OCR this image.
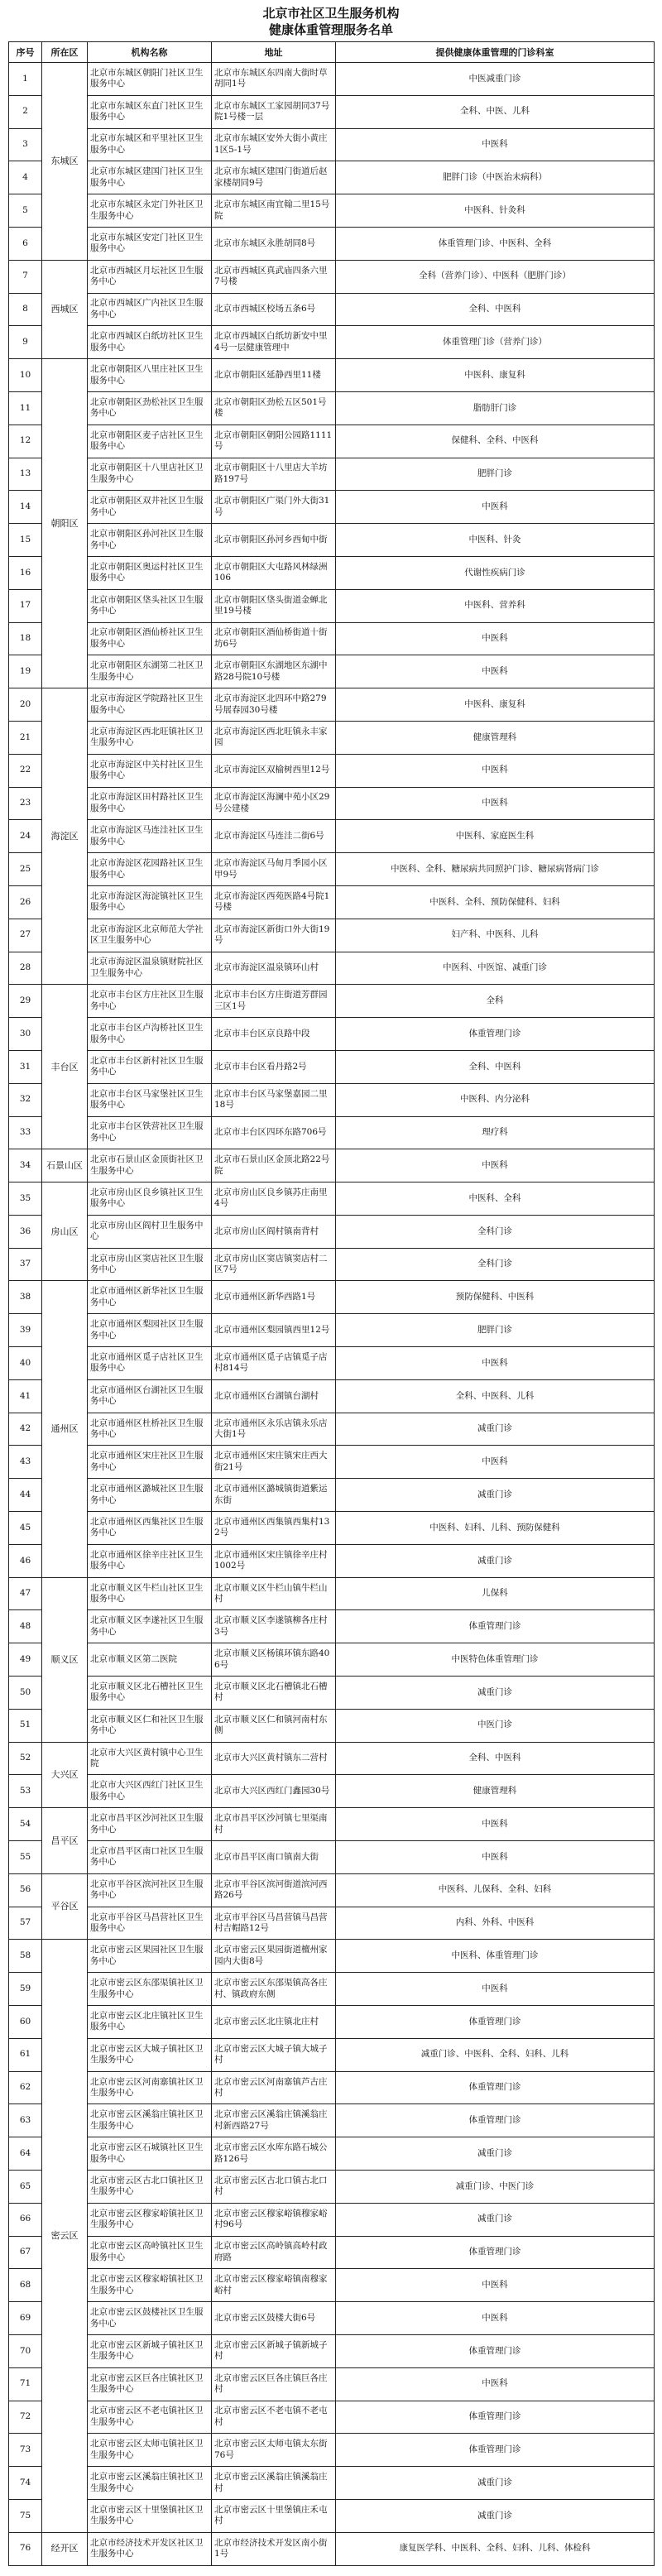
北京市社区卫生服务机构

健康体重管理服务名单

序号	所在区	机构名称	地址	提供健康体重管理的门诊科室
1	东城区	北京市东城区朝阳门社区卫生服务中心	北京市东城区东四南大街时草胡同1号	中医减重门诊
2		北京市东城区东直门社区卫生服务中心	北京市东城区工家园胡同37号院1号楼一层	全科、中医、儿科
3		北京市东城区和平里社区卫生服务中心	北京市东城区安外大街小黄庄1区5-1号	中医科
4		北京市东城区建国门社区卫生服务中心	北京市东城区建国门街道后赵家楼胡同9号	肥胖门诊（中医治未病科）
5		北京市东城区永定门外社区卫生服务中心	北京市东城区南宜翰二里15号院	中医科、针灸科
6		北京市东城区安定门社区卫生服务中心	北京市东城区永胜胡同8号	体重管理门诊、中医科、全科
7	西城区	北京市西城区月坛社区卫生服务中心	北京市西城区真武庙四条六里7号楼	全科（营养门诊）、中医科（肥胖门诊）
8		北京市西城区广内社区卫生服务中心	北京市西城区校场五条6号	全科、中医科
9		北京市西城区白纸坊社区卫生服务中心	北京市西城区白纸坊新安中里4号一层健康管理中	体重管理门诊（营养门诊）
10	朝阳区	北京市朝阳区八里庄社区卫生服务中心	北京市朝阳区延静西里11楼	中医科、康复科
11		北京市朝阳区劲松社区卫生服务中心	北京市朝阳区劲松五区501号楼	脂肪肝门诊
12		北京市朝阳区麦子店社区卫生服务中心	北京市朝阳区朝阳公园路1111号	保健科、全科、中医科
13		北京市朝阳区十八里店社区卫生服务中心	北京市朝阳区十八里店大羊坊路197号	肥胖门诊
14		北京市朝阳区双井社区卫生服务中心	北京市朝阳区广渠门外大街31号	中医科
15		北京市朝阳区孙河社区卫生服务中心	北京市朝阳区孙河乡西甸中街	中医科、针灸
16		北京市朝阳区奥运村社区卫生服务中心	北京市朝阳区大屯路风林绿洲106	代谢性疾病门诊
17		北京市朝阳区垡头社区卫生服务中心	北京市朝阳区垡头街道金蝉北里19号楼	中医科、营养科
18		北京市朝阳区酒仙桥社区卫生服务中心	北京市朝阳区酒仙桥街道十街坊6号	中医科
19		北京市朝阳区东湖第二社区卫生服务中心	北京市朝阳区东湖地区东湖中路28号院10号楼	中医科
20	海淀区	北京市海淀区学院路社区卫生服务中心	北京市海淀区北四环中路279号展春园30号楼	中医科、康复科
21		北京市海淀区西北旺镇社区卫生服务中心	北京市海淀区西北旺镇永丰家园	健康管理科
22		北京市海淀区中关村社区卫生服务中心	北京市海淀区双榆树西里12号	中医科
23		北京市海淀区田村路社区卫生服务中心	北京市海淀区海澜中苑小区29号公建楼	中医科
24		北京市海淀区马连洼社区卫生服务中心	北京市海淀区马连洼二街6号	中医科、家庭医生科
25		北京市海淀区花园路社区卫生服务中心	北京市海淀区马甸月季园小区甲9号	中医科、全科、糖尿病共同照护门诊、糖尿病肾病门诊
26		北京市海淀区海淀镇社区卫生服务中心	北京市海淀区西苑医路4号院1号楼	中医科、全科、预防保健科、妇科
27		北京市海淀区北京师范大学社区卫生服务中心	北京市海淀区新街口外大街19号	妇产科、中医科、儿科
28		北京市海淀区温泉镇财院社区卫生服务中心	北京市海淀区温泉镇环山村	中医科、中医馆、减重门诊
29	丰台区	北京市丰台区方庄社区卫生服务中心	北京市丰台区方庄街道芳群园三区1号	全科
30		北京市丰台区卢沟桥社区卫生服务中心	北京市丰台区京良路中段	体重管理门诊
31		北京市丰台区新村社区卫生服务中心	北京市丰台区看丹路2号	全科、中医科
32		北京市丰台区马家堡社区卫生服务中心	北京市丰台区马家堡嘉园二里18号	中医科、内分泌科
33		北京市丰台区铁营社区卫生服务中心	北京市丰台区四环东路706号	理疗科
34	石景山区	北京市石景山区金顶街社区卫生服务中心	北京市石景山区金顶北路22号院	中医科
35	房山区	北京市房山区良乡镇社区卫生服务中心	北京市房山区良乡镇苏庄南里4号	中医科、全科
36		北京市房山区阎村卫生服务中心	北京市房山区阎村镇南背村	全科门诊
37		北京市房山区窦店社区卫生服务中心	北京市房山区窦店镇窦店村二区7号	全科门诊
38	通州区	北京市通州区新华社区卫生服务中心	北京市通州区新华西路1号	预防保健科、中医科
39		北京市通州区梨园社区卫生服务中心	北京市通州区梨园镇西里12号	肥胖门诊
40		北京市通州区觅子店社区卫生服务中心	北京市通州区觅子店镇觅子店村814号	中医科
41		北京市通州区台湖社区卫生服务中心	北京市通州区台湖镇台湖村	全科、中医科、儿科
42		北京市通州区杜桥社区卫生服务中心	北京市通州区永乐店镇永乐店大街1号	减重门诊
43		北京市通州区宋庄社区卫生服务中心	北京市通州区宋庄镇宋庄西大街21号	中医科
44		北京市通州区潞城社区卫生服务中心	北京市通州区潞城镇街道紫运东街	减重门诊
45		北京市通州区西集社区卫生服务中心	北京市通州区西集镇西集村132号	中医科、妇科、儿科、预防保健科
46		北京市通州区徐辛庄社区卫生服务中心	北京市通州区宋庄镇徐辛庄村1002号	减重门诊
47	顺义区	北京市顺义区牛栏山社区卫生服务中心	北京市顺义区牛栏山镇牛栏山村	儿保科
48		北京市顺义区李遂社区卫生服务中心	北京市顺义区李遂镇柳各庄村3号	体重管理门诊
49		北京市顺义区第二医院	北京市顺义区杨镇环镇东路406号	中医特色体重管理门诊
50		北京市顺义区北石槽社区卫生服务中心	北京市顺义区北石槽镇北石槽村	减重门诊
51		北京市顺义区仁和社区卫生服务中心	北京市顺义区仁和镇河南村东侧	中医门诊
52	大兴区	北京市大兴区黄村镇中心卫生院	北京市大兴区黄村镇东二营村	全科、中医科
53		北京市大兴区西红门社区卫生服务中心	北京市大兴区西红门鑫园30号	健康管理科
54	昌平区	北京市昌平区沙河社区卫生服务中心	北京市昌平区沙河镇七里渠南村	中医科
55		北京市昌平区南口社区卫生服务中心	北京市昌平区南口镇南大街	中医科
56	平谷区	北京市平谷区滨河社区卫生服务中心	北京市平谷区滨河街道滨河西路26号	中医科、儿保科、全科、妇科
57		北京市平谷区马昌营社区卫生服务中心	北京市平谷区马昌营镇马昌营村吉帽路12号	内科、外科、中医科
58	密云区	北京市密云区果园社区卫生服务中心	北京市密云区果园街道檀州家园内大街8号	中医科、体重管理门诊
59		北京市密云区东邵渠镇社区卫生服务中心	北京市密云区东邵渠镇高各庄村、镇政府东侧	中医科
60		北京市密云区北庄镇社区卫生服务中心	北京市密云区北庄镇北庄村	体重管理门诊
61		北京市密云区大城子镇社区卫生服务中心	北京市密云区大城子镇大城子村	减重门诊、中医科、全科、妇科、儿科
62		北京市密云区河南寨镇社区卫生服务中心	北京市密云区河南寨镇芦古庄村	体重管理门诊
63		北京市密云区溪翁庄镇社区卫生服务中心	北京市密云区溪翁庄镇溪翁庄村新西路27号	体重管理门诊
64		北京市密云区石城镇社区卫生服务中心	北京市密云区水库东路石城公路126号	减重门诊
65		北京市密云区古北口镇社区卫生服务中心	北京市密云区古北口镇古北口村	减重门诊、中医门诊
66		北京市密云区穆家峪镇社区卫生服务中心	北京市密云区穆家峪镇穆家峪村96号	减重门诊
67		北京市密云区高岭镇社区卫生服务中心	北京市密云区高岭镇高岭村政府路	体重管理门诊
68		北京市密云区穆家峪镇社区卫生服务中心	北京市密云区穆家峪镇南穆家峪村	中医科
69		北京市密云区鼓楼社区卫生服务中心	北京市密云区鼓楼大街6号	中医科
70		北京市密云区新城子镇社区卫生服务中心	北京市密云区新城子镇新城子村	体重管理门诊
71		北京市密云区巨各庄镇社区卫生服务中心	北京市密云区巨各庄镇巨各庄村	中医科
72		北京市密云区不老屯镇社区卫生服务中心	北京市密云区不老屯镇不老屯村	体重管理门诊
73		北京市密云区太师屯镇社区卫生服务中心	北京市密云区太师屯镇太东街76号	体重管理门诊
74		北京市密云区溪翁庄镇社区卫生服务中心	北京市密云区溪翁庄镇溪翁庄村	减重门诊
75		北京市密云区十里堡镇社区卫生服务中心	北京市密云区十里堡镇庄禾屯村	减重门诊
76	经开区	北京市经济技术开发区社区卫生服务中心	北京市经济技术开发区南小街1号	康复医学科、中医科、全科、妇科、儿科、体检科
